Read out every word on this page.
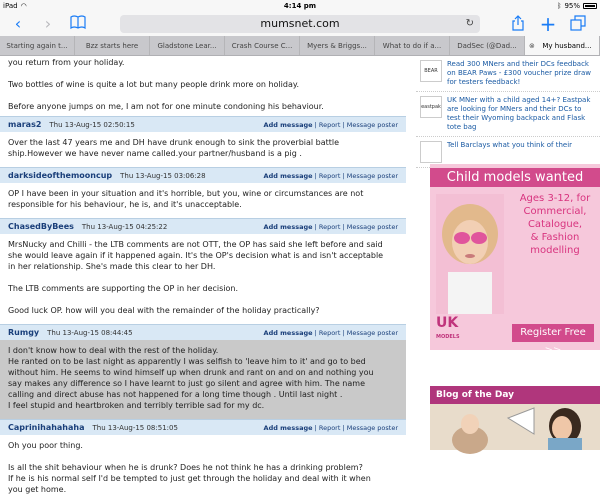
iPad ◠	4:14 pm	ᛒ 95%
‹	›	mumsnet.com	↻	+
Starting again t...	Bzz starts here	Gladstone Lear...	Crash Course C...	Myers & Briggs...	What to do if a...	DadSec (@Dad...	⊗ My husband...
you return from your holiday.
Two bottles of wine is quite a lot but many people drink more on holiday.
Before anyone jumps on me, I am not for one minute condoning his behaviour.
maras2 Thu 13-Aug-15 02:50:15	Add message | Report | Message poster
Over the last 47 years me and DH have drunk enough to sink the proverbial battle
ship.However we have never name called.your partner/husband is a pig .
darksideofthemooncup Thu 13-Aug-15 03:06:28	Add message | Report | Message poster
OP I have been in your situation and it's horrible, but you, wine or circumstances are not
responsible for his behaviour, he is, and it's unacceptable.
ChasedByBees Thu 13-Aug-15 04:25:22	Add message | Report | Message poster
MrsNucky and Chilli - the LTB comments are not OTT, the OP has said she left before and said
she would leave again if it happened again. It's the OP's decision what is and isn't acceptable
in her relationship. She's made this clear to her DH.
The LTB comments are supporting the OP in her decision.
Good luck OP. how will you deal with the remainder of the holiday practically?
Rumgy Thu 13-Aug-15 08:44:45	Add message | Report | Message poster
I don't know how to deal with the rest of the holiday.
He ranted on to be last night as apparently I was selfish to 'leave him to it' and go to bed
without him. He seems to wind himself up when drunk and rant on and on and nothing you
say makes any difference so I have learnt to just go silent and agree with him. The name
calling and direct abuse has not happened for a long time though . Until last night .
I feel stupid and heartbroken and terribly terrible sad for my dc.
Caprinihahahaha Thu 13-Aug-15 08:51:05	Add message | Report | Message poster
Oh you poor thing.
Is all the shit behaviour when he is drunk? Does he not think he has a drinking problem?
If he is his normal self I'd be tempted to just get through the holiday and deal with it when
you get home.
BEAR
Read 300 MNers and their DCs feedback on BEAR Paws - £300 voucher prize draw for testers feedback!
eastpak
UK MNer with a child aged 14+? Eastpak are looking for MNers and their DCs to test their Wyoming backpack and Flask tote bag
Tell Barclays what you think of their
Child models wanted
Ages 3-12, for
Commercial,
Catalogue,
& Fashion
modelling
UK
MODELS	Register Free >>
Blog of the Day
